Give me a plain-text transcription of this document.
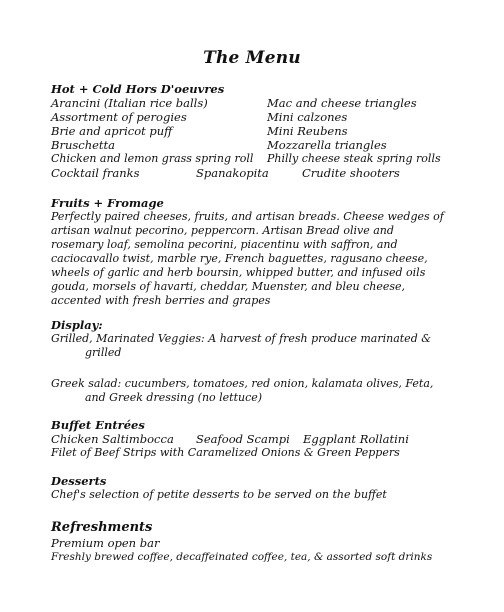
The Menu
Hot + Cold Hors D'oeuvres
Arancini (Italian rice balls)
Assortment of perogies
Brie and apricot puff
Bruschetta
Chicken and lemon grass spring roll
Cocktail franks
Mac and cheese triangles
Mini calzones
Mini Reubens
Mozzarella triangles
Philly cheese steak spring rolls
Spanakopita	Crudite shooters
Fruits + Fromage
Perfectly paired cheeses, fruits, and artisan breads. Cheese wedges of artisan walnut pecorino, peppercorn. Artisan Bread olive and rosemary loaf, semolina pecorini, piacentinu with saffron, and caciocavallo twist, marble rye, French baguettes, ragusano cheese, wheels of garlic and herb boursin, whipped butter, and infused oils gouda, morsels of havarti, cheddar, Muenster, and bleu cheese, accented with fresh berries and grapes
Display:
Grilled, Marinated Veggies: A harvest of fresh produce marinated &
grilled
Greek salad: cucumbers, tomatoes, red onion, kalamata olives, Feta,
and Greek dressing (no lettuce)
Buffet Entrées
Chicken Saltimbocca Seafood Scampi Eggplant Rollatini
Filet of Beef Strips with Caramelized Onions & Green Peppers
Desserts
Chef's selection of petite desserts to be served on the buffet
Refreshments
Premium open bar
Freshly brewed coffee, decaffeinated coffee, tea, & assorted soft drinks
